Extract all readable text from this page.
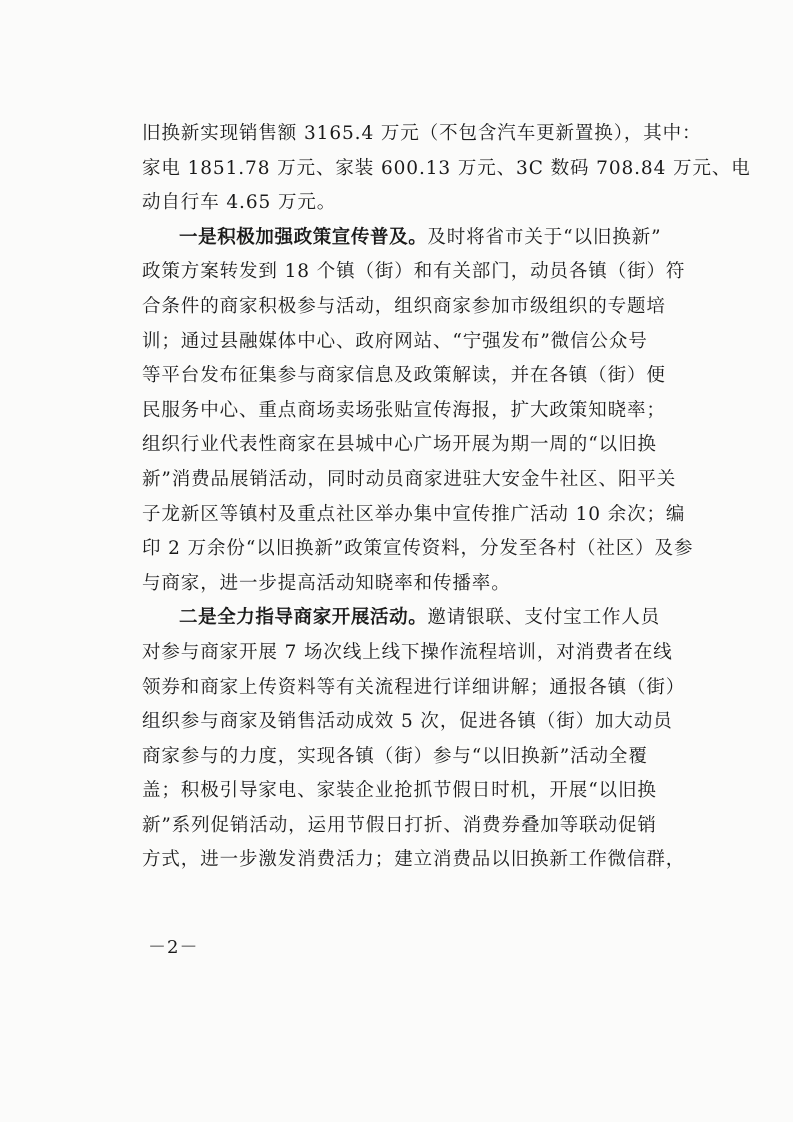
旧换新实现销售额 3165.4 万元（不包含汽车更新置换），其中：
家电 1851.78 万元、家装 600.13 万元、3C 数码 708.84 万元、电
动自行车 4.65 万元。
一是积极加强政策宣传普及。及时将省市关于“以旧换新”
政策方案转发到 18 个镇（街）和有关部门，动员各镇（街）符
合条件的商家积极参与活动，组织商家参加市级组织的专题培
训；通过县融媒体中心、政府网站、“宁强发布”微信公众号
等平台发布征集参与商家信息及政策解读，并在各镇（街）便
民服务中心、重点商场卖场张贴宣传海报，扩大政策知晓率；
组织行业代表性商家在县城中心广场开展为期一周的“以旧换
新”消费品展销活动，同时动员商家进驻大安金牛社区、阳平关
子龙新区等镇村及重点社区举办集中宣传推广活动 10 余次；编
印 2 万余份“以旧换新”政策宣传资料，分发至各村（社区）及参
与商家，进一步提高活动知晓率和传播率。
二是全力指导商家开展活动。邀请银联、支付宝工作人员
对参与商家开展 7 场次线上线下操作流程培训，对消费者在线
领券和商家上传资料等有关流程进行详细讲解；通报各镇（街）
组织参与商家及销售活动成效 5 次，促进各镇（街）加大动员
商家参与的力度，实现各镇（街）参与“以旧换新”活动全覆
盖；积极引导家电、家装企业抢抓节假日时机，开展“以旧换
新”系列促销活动，运用节假日打折、消费券叠加等联动促销
方式，进一步激发消费活力；建立消费品以旧换新工作微信群，
－2－
